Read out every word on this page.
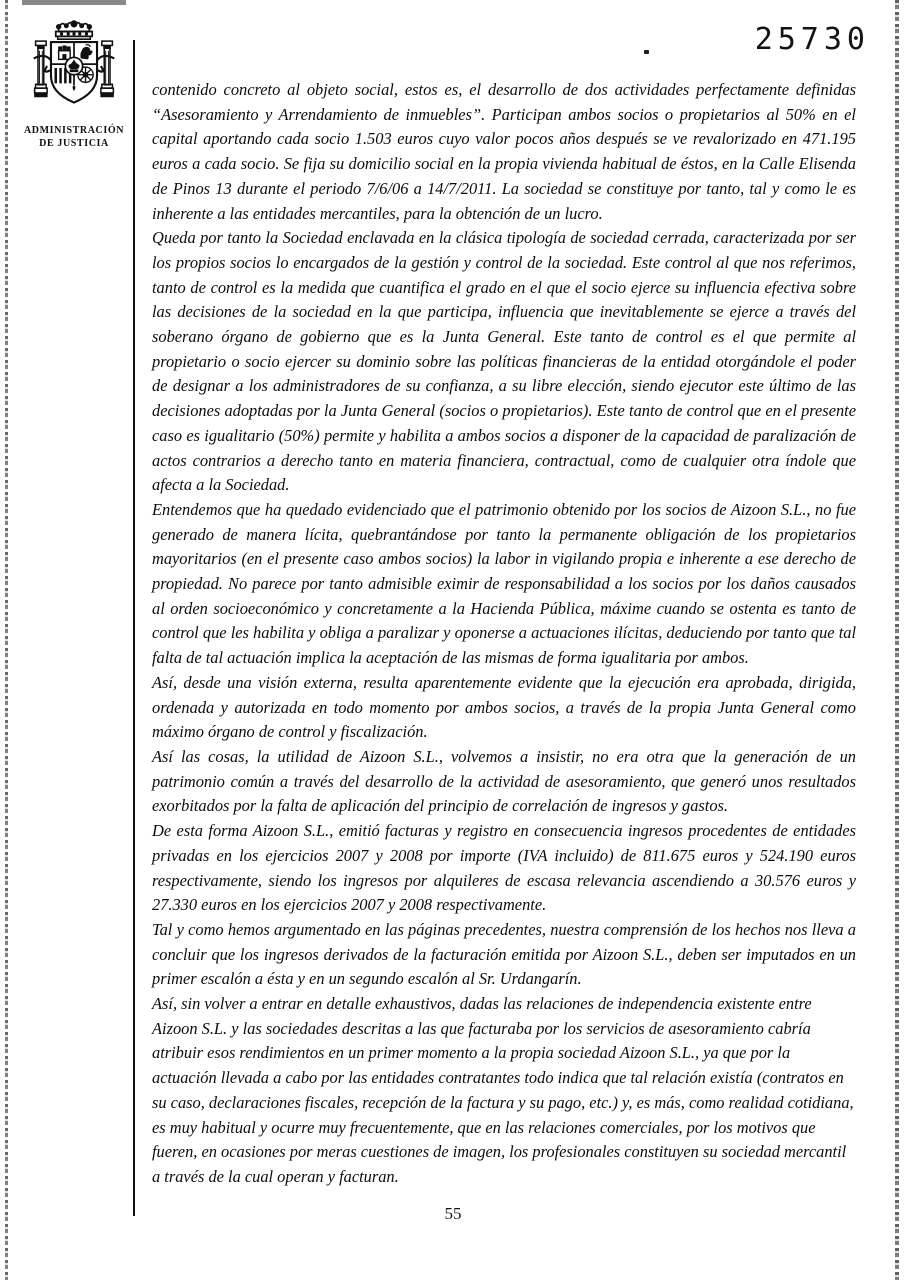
25730
ADMINISTRACIÓN
DE JUSTICIA

contenido concreto al objeto social, estos es, el desarrollo de dos actividades perfectamente definidas “Asesoramiento y Arrendamiento de inmuebles”. Participan ambos socios o propietarios al 50% en el capital aportando cada socio 1.503 euros cuyo valor pocos años después se ve revalorizado en 471.195 euros a cada socio. Se fija su domicilio social en la propia vivienda habitual de éstos, en la Calle Elisenda de Pinos 13 durante el periodo 7/6/06 a 14/7/2011. La sociedad se constituye por tanto, tal y como le es inherente a las entidades mercantiles, para la obtención de un lucro.

Queda por tanto la Sociedad enclavada en la clásica tipología de sociedad cerrada, caracterizada por ser los propios socios lo encargados de la gestión y control de la sociedad. Este control al que nos referimos, tanto de control es la medida que cuantifica el grado en el que el socio ejerce su influencia efectiva sobre las decisiones de la sociedad en la que participa, influencia que inevitablemente se ejerce a través del soberano órgano de gobierno que es la Junta General. Este tanto de control es el que permite al propietario o socio ejercer su dominio sobre las políticas financieras de la entidad otorgándole el poder de designar a los administradores de su confianza, a su libre elección, siendo ejecutor este último de las decisiones adoptadas por la Junta General (socios o propietarios). Este tanto de control que en el presente caso es igualitario (50%) permite y habilita a ambos socios a disponer de la capacidad de paralización de actos contrarios a derecho tanto en materia financiera, contractual, como de cualquier otra índole que afecta a la Sociedad.

Entendemos que ha quedado evidenciado que el patrimonio obtenido por los socios de Aizoon S.L., no fue generado de manera lícita, quebrantándose por tanto la permanente obligación de los propietarios mayoritarios (en el presente caso ambos socios) la labor in vigilando propia e inherente a ese derecho de propiedad. No parece por tanto admisible eximir de responsabilidad a los socios por los daños causados al orden socioeconómico y concretamente a la Hacienda Pública, máxime cuando se ostenta es tanto de control que les habilita y obliga a paralizar y oponerse a actuaciones ilícitas, deduciendo por tanto que tal falta de tal actuación implica la aceptación de las mismas de forma igualitaria por ambos.

Así, desde una visión externa, resulta aparentemente evidente que la ejecución era aprobada, dirigida, ordenada y autorizada en todo momento por ambos socios, a través de la propia Junta General como máximo órgano de control y fiscalización.

Así las cosas, la utilidad de Aizoon S.L., volvemos a insistir, no era otra que la generación de un patrimonio común a través del desarrollo de la actividad de asesoramiento, que generó unos resultados exorbitados por la falta de aplicación del principio de correlación de ingresos y gastos.

De esta forma Aizoon S.L., emitió facturas y registro en consecuencia ingresos procedentes de entidades privadas en los ejercicios 2007 y 2008 por importe (IVA incluido) de 811.675 euros y 524.190 euros respectivamente, siendo los ingresos por alquileres de escasa relevancia ascendiendo a 30.576 euros y 27.330 euros en los ejercicios 2007 y 2008 respectivamente.

Tal y como hemos argumentado en las páginas precedentes, nuestra comprensión de los hechos nos lleva a concluir que los ingresos derivados de la facturación emitida por Aizoon S.L., deben ser imputados en un primer escalón a ésta y en un segundo escalón al Sr. Urdangarín.

Así, sin volver a entrar en detalle exhaustivos, dadas las relaciones de independencia existente entre Aizoon S.L. y las sociedades descritas a las que facturaba por los servicios de asesoramiento cabría atribuir esos rendimientos en un primer momento a la propia sociedad Aizoon S.L., ya que por la actuación llevada a cabo por las entidades contratantes todo indica que tal relación existía (contratos en su caso, declaraciones fiscales, recepción de la factura y su pago, etc.) y, es más, como realidad cotidiana, es muy habitual y ocurre muy frecuentemente, que en las relaciones comerciales, por los motivos que fueren, en ocasiones por meras cuestiones de imagen, los profesionales constituyen su sociedad mercantil a través de la cual operan y facturan.

55
